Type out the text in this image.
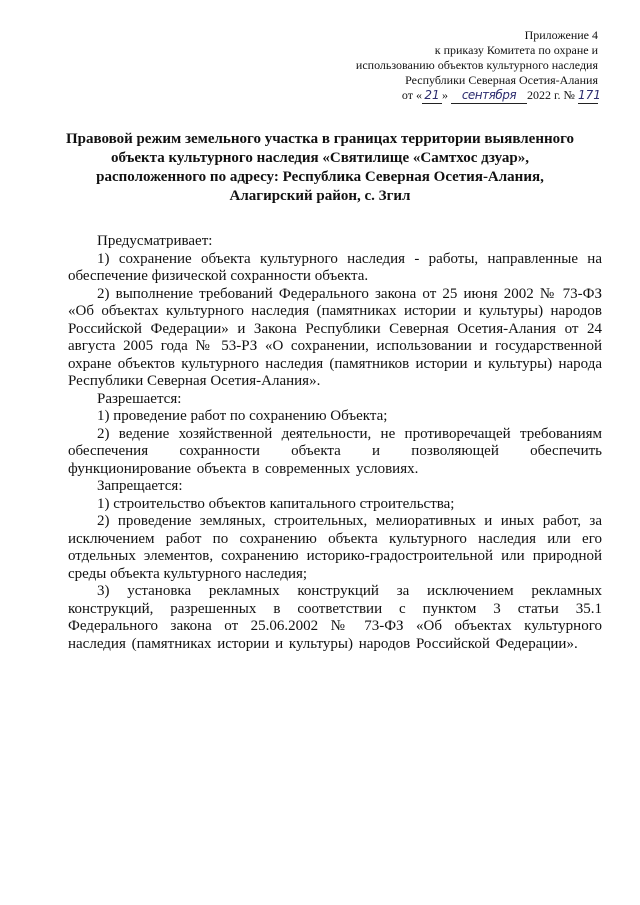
Приложение 4
к приказу Комитета по охране и
использованию объектов культурного наследия
Республики Северная Осетия-Алания
от « 21 » сентября 2022 г. № 171
Правовой режим земельного участка в границах территории выявленного
объекта культурного наследия «Святилище «Самтхос дзуар»,
расположенного по адресу: Республика Северная Осетия-Алания,
Алагирский район, с. Згил

Предусматривает:

1) сохранение объекта культурного наследия - работы, направленные на обеспечение физической сохранности объекта.

2) выполнение требований Федерального закона от 25 июня 2002 № 73-ФЗ «Об объектах культурного наследия (памятниках истории и культуры) народов Российской Федерации» и Закона Республики Северная Осетия-Алания от 24 августа 2005 года № 53-РЗ «О сохранении, использовании и государственной охране объектов культурного наследия (памятников истории и культуры) народа Республики Северная Осетия-Алания».

Разрешается:

1) проведение работ по сохранению Объекта;

2) ведение хозяйственной деятельности, не противоречащей требованиям обеспечения сохранности объекта и позволяющей обеспечить функционирование объекта в современных условиях.

Запрещается:

1) строительство объектов капитального строительства;

2) проведение земляных, строительных, мелиоративных и иных работ, за исключением работ по сохранению объекта культурного наследия или его отдельных элементов, сохранению историко-градостроительной или природной среды объекта культурного наследия;

3) установка рекламных конструкций за исключением рекламных конструкций, разрешенных в соответствии с пунктом 3 статьи 35.1 Федерального закона от 25.06.2002 № 73-ФЗ «Об объектах культурного наследия (памятниках истории и культуры) народов Российской Федерации».
